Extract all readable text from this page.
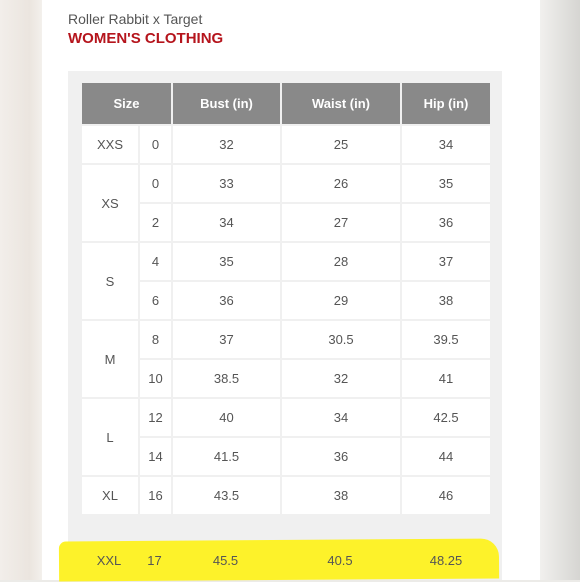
Roller Rabbit x Target
WOMEN'S CLOTHING
Size		Bust (in)	Waist (in)	Hip (in)
XXS	0	32	25	34
XS	0	33	26	35
	2	34	27	36
S	4	35	28	37
	6	36	29	38
M	8	37	30.5	39.5
	10	38.5	32	41
L	12	40	34	42.5
	14	41.5	36	44
XL	16	43.5	38	46
XXL	17	45.5	40.5	48.25
